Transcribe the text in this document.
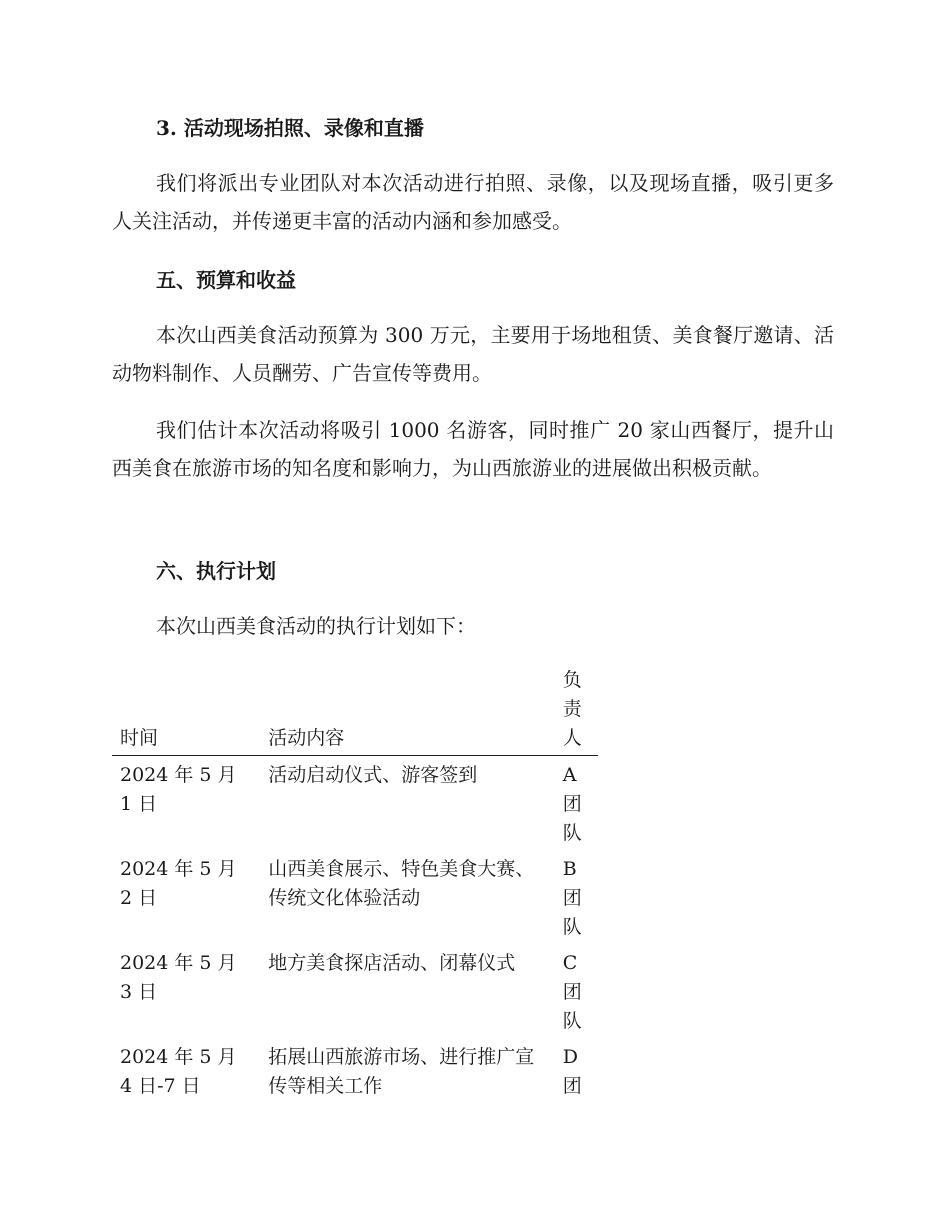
3. 活动现场拍照、录像和直播
我们将派出专业团队对本次活动进行拍照、录像，以及现场直播，吸引更多人关注活动，并传递更丰富的活动内涵和参加感受。
五、预算和收益
本次山西美食活动预算为 300 万元，主要用于场地租赁、美食餐厅邀请、活动物料制作、人员酬劳、广告宣传等费用。
我们估计本次活动将吸引 1000 名游客，同时推广 20 家山西餐厅，提升山西美食在旅游市场的知名度和影响力，为山西旅游业的进展做出积极贡献。
六、执行计划
本次山西美食活动的执行计划如下：
时间	活动内容	负责人
2024 年 5 月 1 日	活动启动仪式、游客签到	A 团队
2024 年 5 月 2 日	山西美食展示、特色美食大赛、传统文化体验活动	B 团队
2024 年 5 月 3 日	地方美食探店活动、闭幕仪式	C 团队
2024 年 5 月 4 日-7 日	拓展山西旅游市场、进行推广宣传等相关工作	D 团
